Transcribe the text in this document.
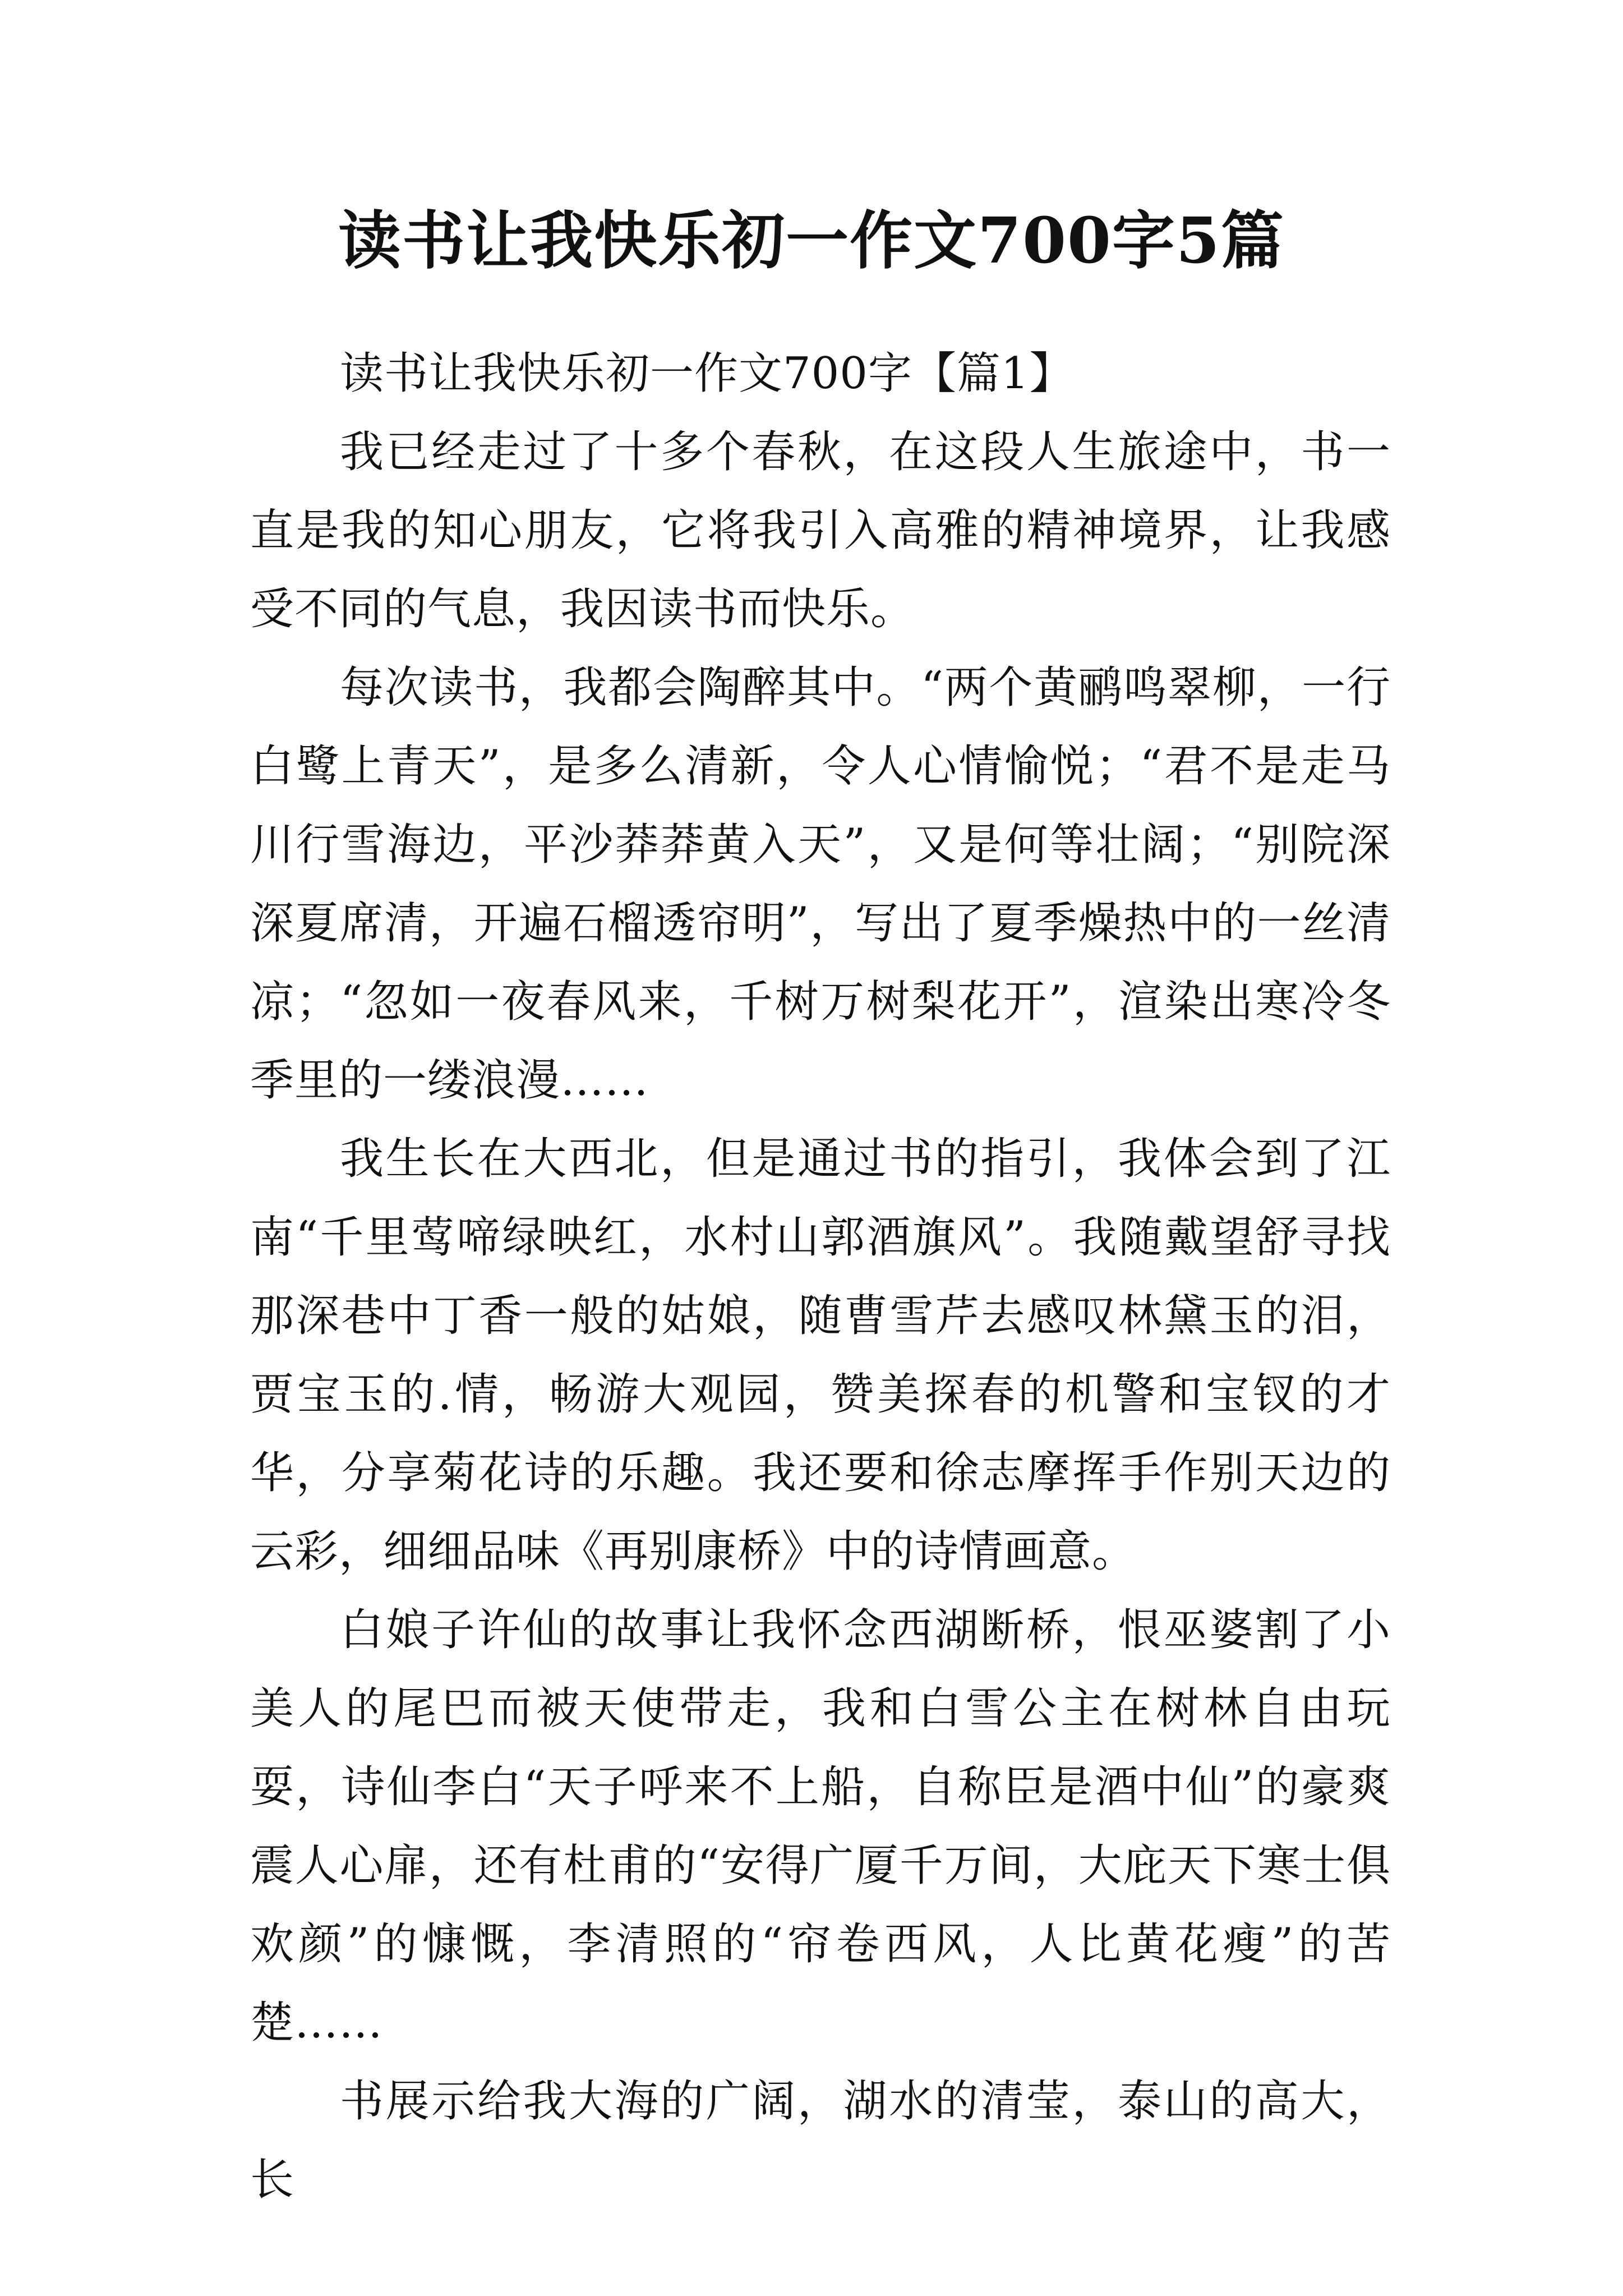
读书让我快乐初一作文700字5篇

读书让我快乐初一作文700字【篇1】

我已经走过了十多个春秋，在这段人生旅途中，书一直是我的知心朋友，它将我引入高雅的精神境界，让我感受不同的气息，我因读书而快乐。

每次读书，我都会陶醉其中。“两个黄鹂鸣翠柳，一行白鹭上青天”，是多么清新，令人心情愉悦；“君不是走马川行雪海边，平沙莽莽黄入天”，又是何等壮阔；“别院深深夏席清，开遍石榴透帘明”，写出了夏季燥热中的一丝清凉；“忽如一夜春风来，千树万树梨花开”，渲染出寒冷冬季里的一缕浪漫……

我生长在大西北，但是通过书的指引，我体会到了江南“千里莺啼绿映红，水村山郭酒旗风”。我随戴望舒寻找那深巷中丁香一般的姑娘，随曹雪芹去感叹林黛玉的泪，贾宝玉的.情，畅游大观园，赞美探春的机警和宝钗的才华，分享菊花诗的乐趣。我还要和徐志摩挥手作别天边的云彩，细细品味《再别康桥》中的诗情画意。

白娘子许仙的故事让我怀念西湖断桥，恨巫婆割了小美人的尾巴而被天使带走，我和白雪公主在树林自由玩耍，诗仙李白“天子呼来不上船，自称臣是酒中仙”的豪爽震人心扉，还有杜甫的“安得广厦千万间，大庇天下寒士俱欢颜”的慷慨，李清照的“帘卷西风，人比黄花瘦”的苦楚……

书展示给我大海的广阔，湖水的清莹，泰山的高大，长
